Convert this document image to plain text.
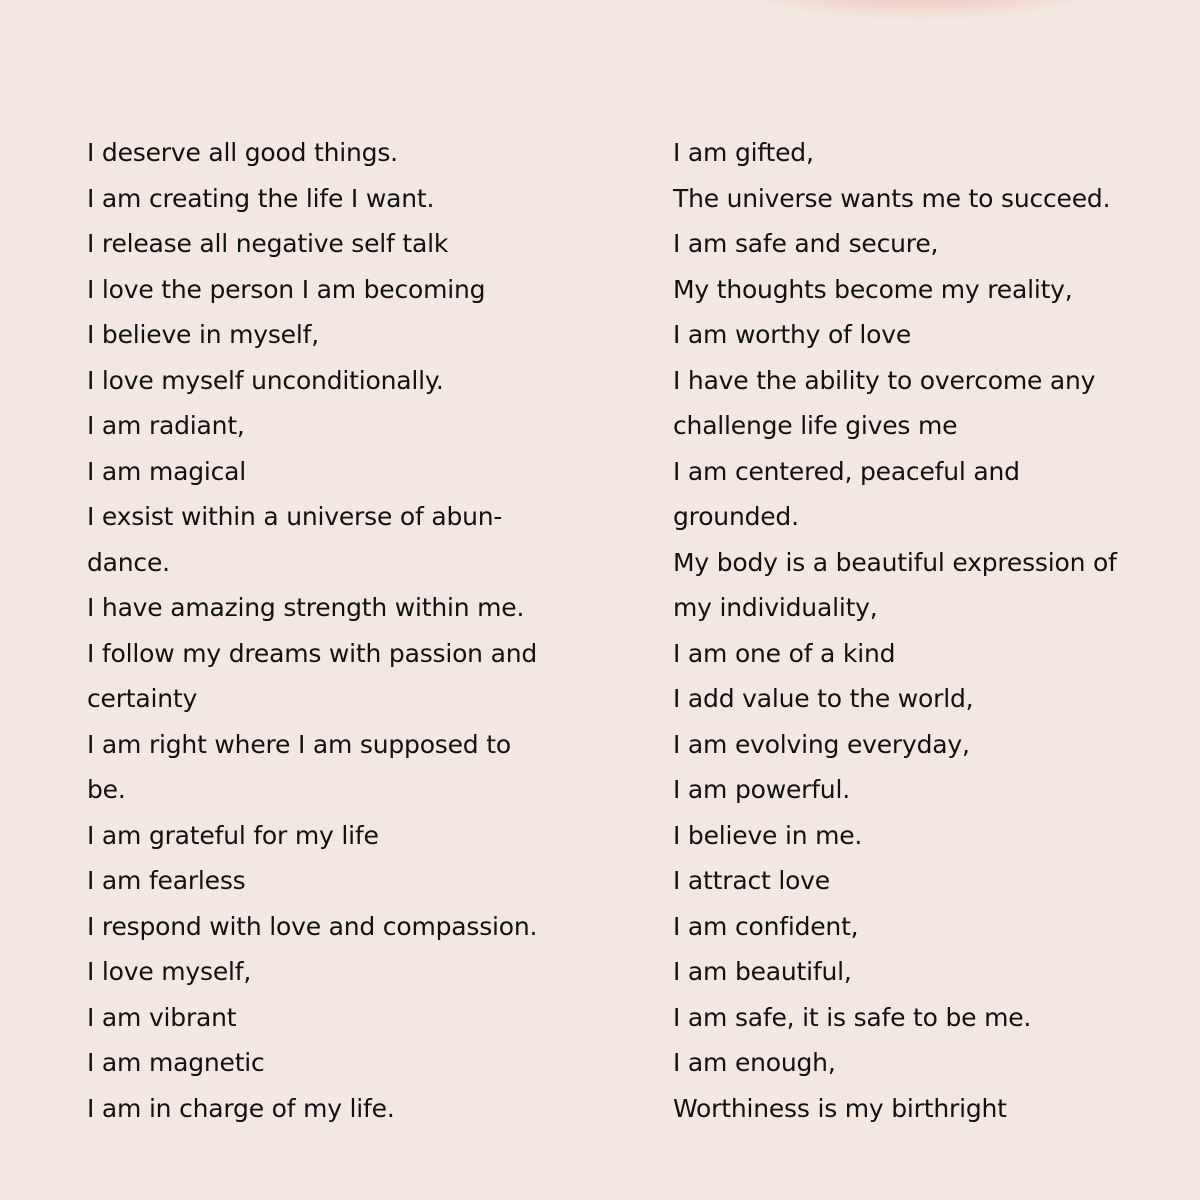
I deserve all good things.
I am creating the life I want.
I release all negative self talk
I love the person I am becoming
I believe in myself,
I love myself unconditionally.
I am radiant,
I am magical
I exsist within a universe of abun-
dance.
I have amazing strength within me.
I follow my dreams with passion and
certainty
I am right where I am supposed to
be.
I am grateful for my life
I am fearless
I respond with love and compassion.
I love myself,
I am vibrant
I am magnetic
I am in charge of my life.
I am gifted,
The universe wants me to succeed.
I am safe and secure,
My thoughts become my reality,
I am worthy of love
I have the ability to overcome any
challenge life gives me
I am centered, peaceful and
grounded.
My body is a beautiful expression of
my individuality,
I am one of a kind
I add value to the world,
I am evolving everyday,
I am powerful.
I believe in me.
I attract love
I am confident,
I am beautiful,
I am safe, it is safe to be me.
I am enough,
Worthiness is my birthright
